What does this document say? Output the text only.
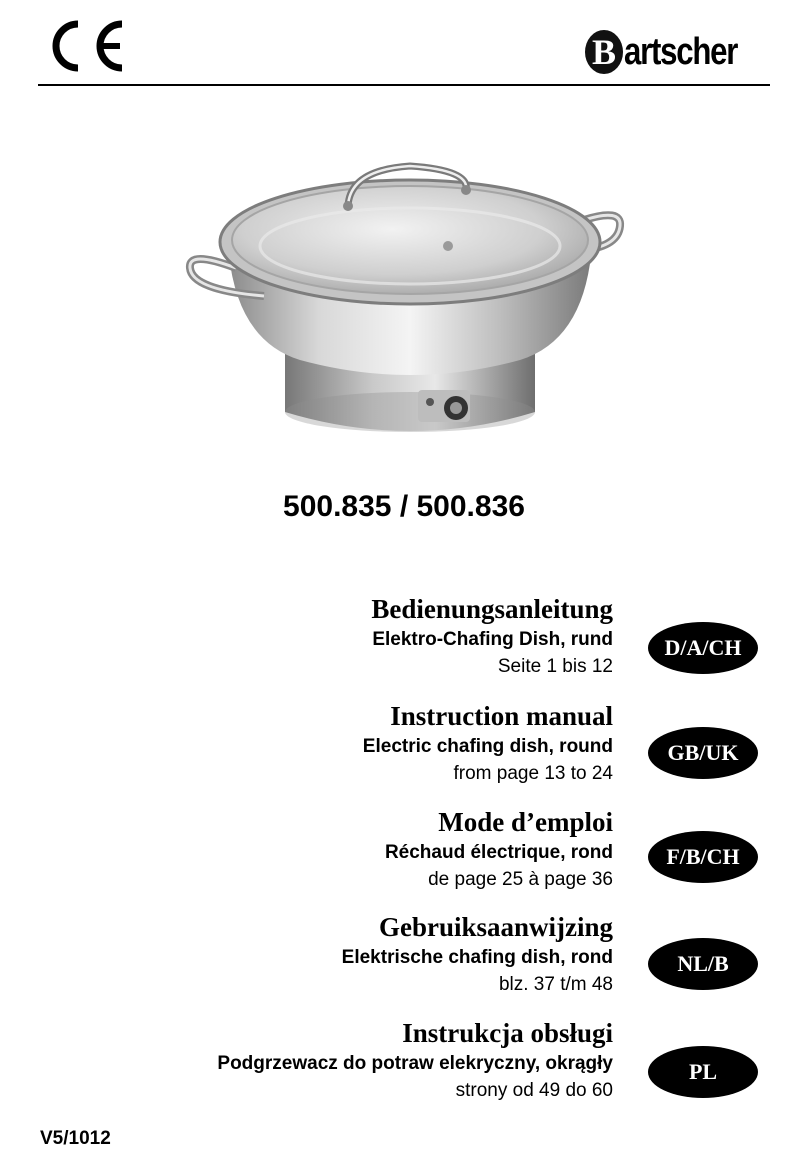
B artscher
500.835 / 500.836
Bedienungsanleitung
Elektro-Chafing Dish, rund
Seite 1 bis 12
D/A/CH
Instruction manual
Electric chafing dish, round
from page 13 to 24
GB/UK
Mode d’emploi
Réchaud électrique, rond
de page 25 à page 36
F/B/CH
Gebruiksaanwijzing
Elektrische chafing dish, rond
blz. 37 t/m 48
NL/B
Instrukcja obsługi
Podgrzewacz do potraw elekryczny, okrągły
strony od 49 do 60
PL
V5/1012
